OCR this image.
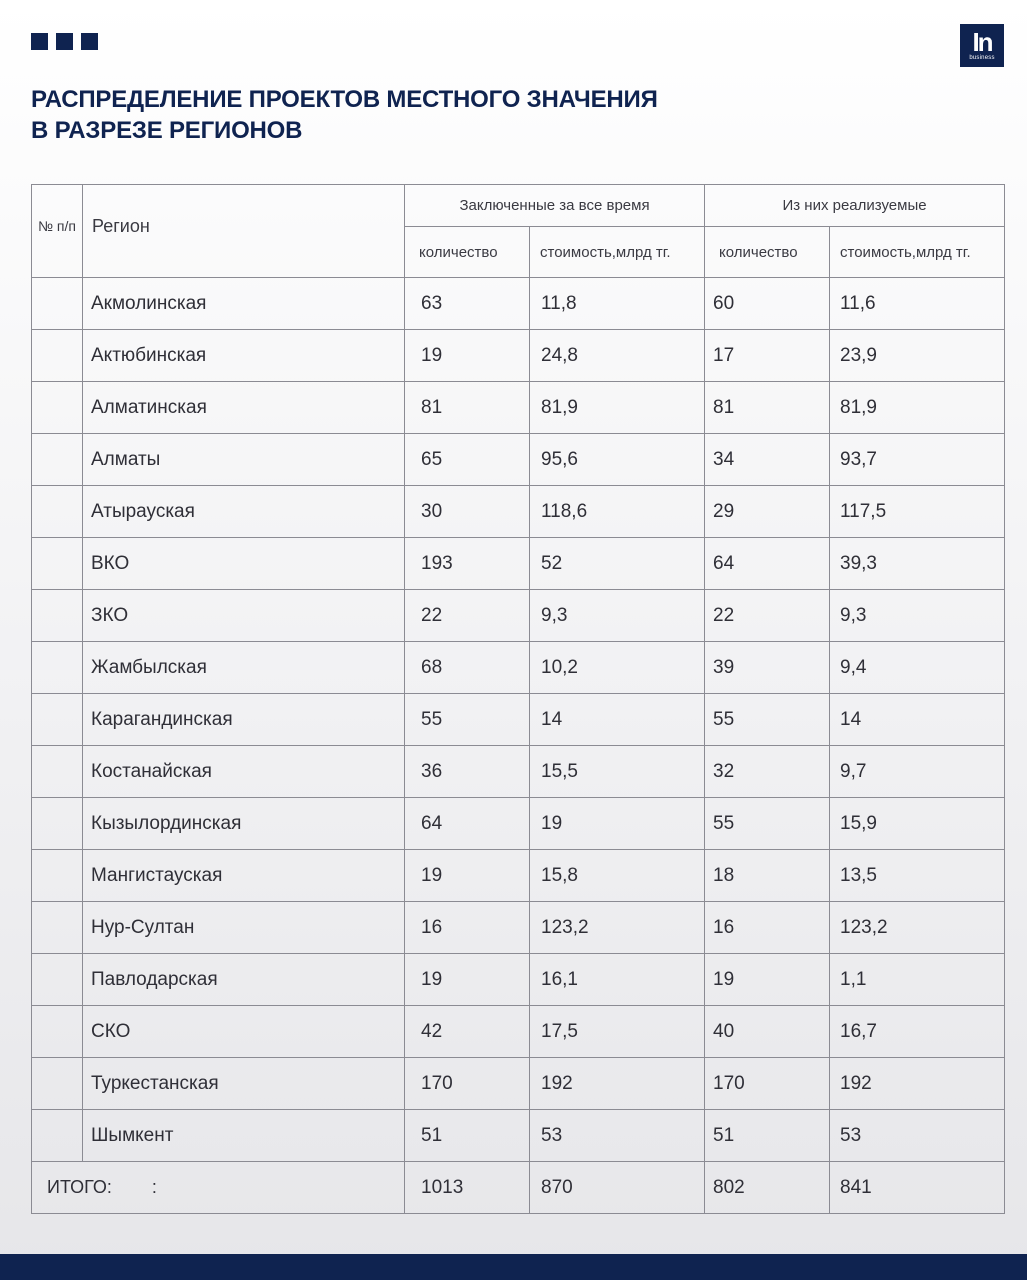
In
business
РАСПРЕДЕЛЕНИЕ ПРОЕКТОВ МЕСТНОГО ЗНАЧЕНИЯ
В РАЗРЕЗЕ РЕГИОНОВ
№ п/п	Регион	Заключенные за все время		Из них реализуемые	
		количество	стоимость,млрд тг.	количество	стоимость,млрд тг.
	Акмолинская	63	11,8	60	11,6
	Актюбинская	19	24,8	17	23,9
	Алматинская	81	81,9	81	81,9
	Алматы	65	95,6	34	93,7
	Атырауская	30	118,6	29	117,5
	ВКО	193	52	64	39,3
	ЗКО	22	9,3	22	9,3
	Жамбылская	68	10,2	39	9,4
	Карагандинская	55	14	55	14
	Костанайская	36	15,5	32	9,7
	Кызылординская	64	19	55	15,9
	Мангистауская	19	15,8	18	13,5
	Нур-Султан	16	123,2	16	123,2
	Павлодарская	19	16,1	19	1,1
	СКО	42	17,5	40	16,7
	Туркестанская	170	192	170	192
	Шымкент	51	53	51	53
ИТОГО: :		1013	870	802	841
